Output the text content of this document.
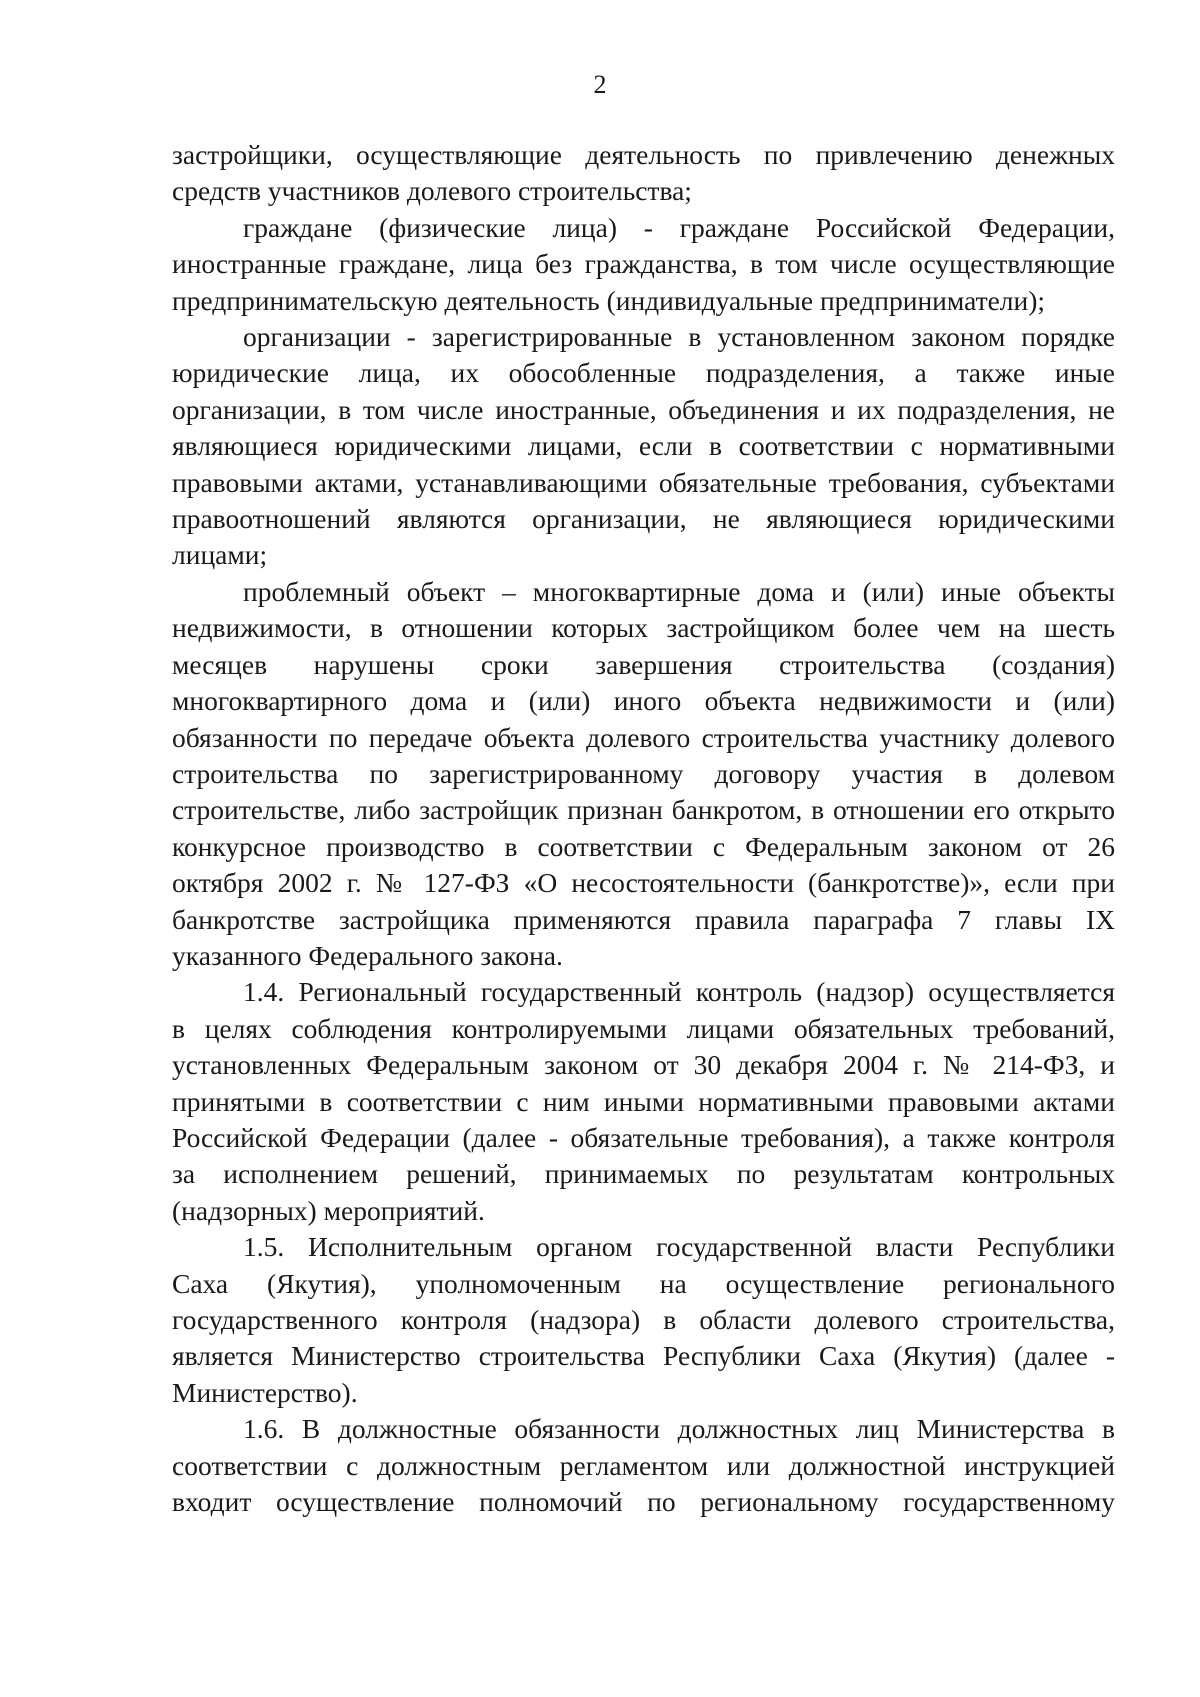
2

застройщики, осуществляющие деятельность по привлечению денежных

средств участников долевого строительства;

граждане (физические лица) - граждане Российской Федерации,

иностранные граждане, лица без гражданства, в том числе осуществляющие

предпринимательскую деятельность (индивидуальные предприниматели);

организации - зарегистрированные в установленном законом порядке

юридические лица, их обособленные подразделения, а также иные

организации, в том числе иностранные, объединения и их подразделения, не

являющиеся юридическими лицами, если в соответствии с нормативными

правовыми актами, устанавливающими обязательные требования, субъектами

правоотношений являются организации, не являющиеся юридическими

лицами;

проблемный объект – многоквартирные дома и (или) иные объекты

недвижимости, в отношении которых застройщиком более чем на шесть

месяцев нарушены сроки завершения строительства (создания)

многоквартирного дома и (или) иного объекта недвижимости и (или)

обязанности по передаче объекта долевого строительства участнику долевого

строительства по зарегистрированному договору участия в долевом

строительстве, либо застройщик признан банкротом, в отношении его открыто

конкурсное производство в соответствии с Федеральным законом от 26

октября 2002 г. № 127-ФЗ «О несостоятельности (банкротстве)», если при

банкротстве застройщика применяются правила параграфа 7 главы IX

указанного Федерального закона.

1.4. Региональный государственный контроль (надзор) осуществляется

в целях соблюдения контролируемыми лицами обязательных требований,

установленных Федеральным законом от 30 декабря 2004 г. № 214-ФЗ, и

принятыми в соответствии с ним иными нормативными правовыми актами

Российской Федерации (далее - обязательные требования), а также контроля

за исполнением решений, принимаемых по результатам контрольных

(надзорных) мероприятий.

1.5. Исполнительным органом государственной власти Республики

Саха (Якутия), уполномоченным на осуществление регионального

государственного контроля (надзора) в области долевого строительства,

является Министерство строительства Республики Саха (Якутия) (далее -

Министерство).

1.6. В должностные обязанности должностных лиц Министерства в

соответствии с должностным регламентом или должностной инструкцией

входит осуществление полномочий по региональному государственному
